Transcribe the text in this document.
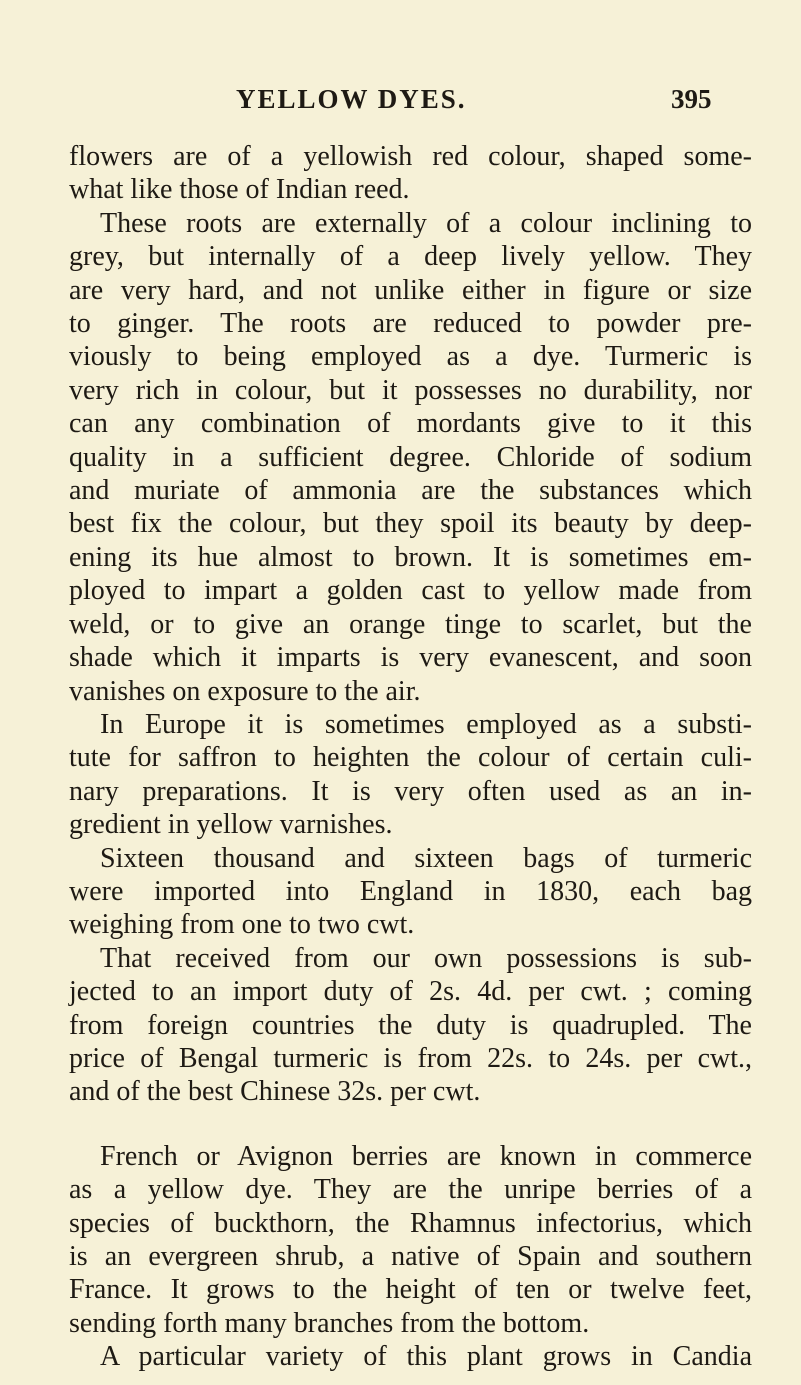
YELLOW DYES.	395
flowers are of a yellowish red colour, shaped some-
what like those of Indian reed.
These roots are externally of a colour inclining to
grey, but internally of a deep lively yellow. They
are very hard, and not unlike either in figure or size
to ginger. The roots are reduced to powder pre-
viously to being employed as a dye. Turmeric is
very rich in colour, but it possesses no durability, nor
can any combination of mordants give to it this
quality in a sufficient degree. Chloride of sodium
and muriate of ammonia are the substances which
best fix the colour, but they spoil its beauty by deep-
ening its hue almost to brown. It is sometimes em-
ployed to impart a golden cast to yellow made from
weld, or to give an orange tinge to scarlet, but the
shade which it imparts is very evanescent, and soon
vanishes on exposure to the air.
In Europe it is sometimes employed as a substi-
tute for saffron to heighten the colour of certain culi-
nary preparations. It is very often used as an in-
gredient in yellow varnishes.
Sixteen thousand and sixteen bags of turmeric
were imported into England in 1830, each bag
weighing from one to two cwt.
That received from our own possessions is sub-
jected to an import duty of 2s. 4d. per cwt. ; coming
from foreign countries the duty is quadrupled. The
price of Bengal turmeric is from 22s. to 24s. per cwt.,
and of the best Chinese 32s. per cwt.
French or Avignon berries are known in commerce
as a yellow dye. They are the unripe berries of a
species of buckthorn, the Rhamnus infectorius, which
is an evergreen shrub, a native of Spain and southern
France. It grows to the height of ten or twelve feet,
sending forth many branches from the bottom.
A particular variety of this plant grows in Candia
